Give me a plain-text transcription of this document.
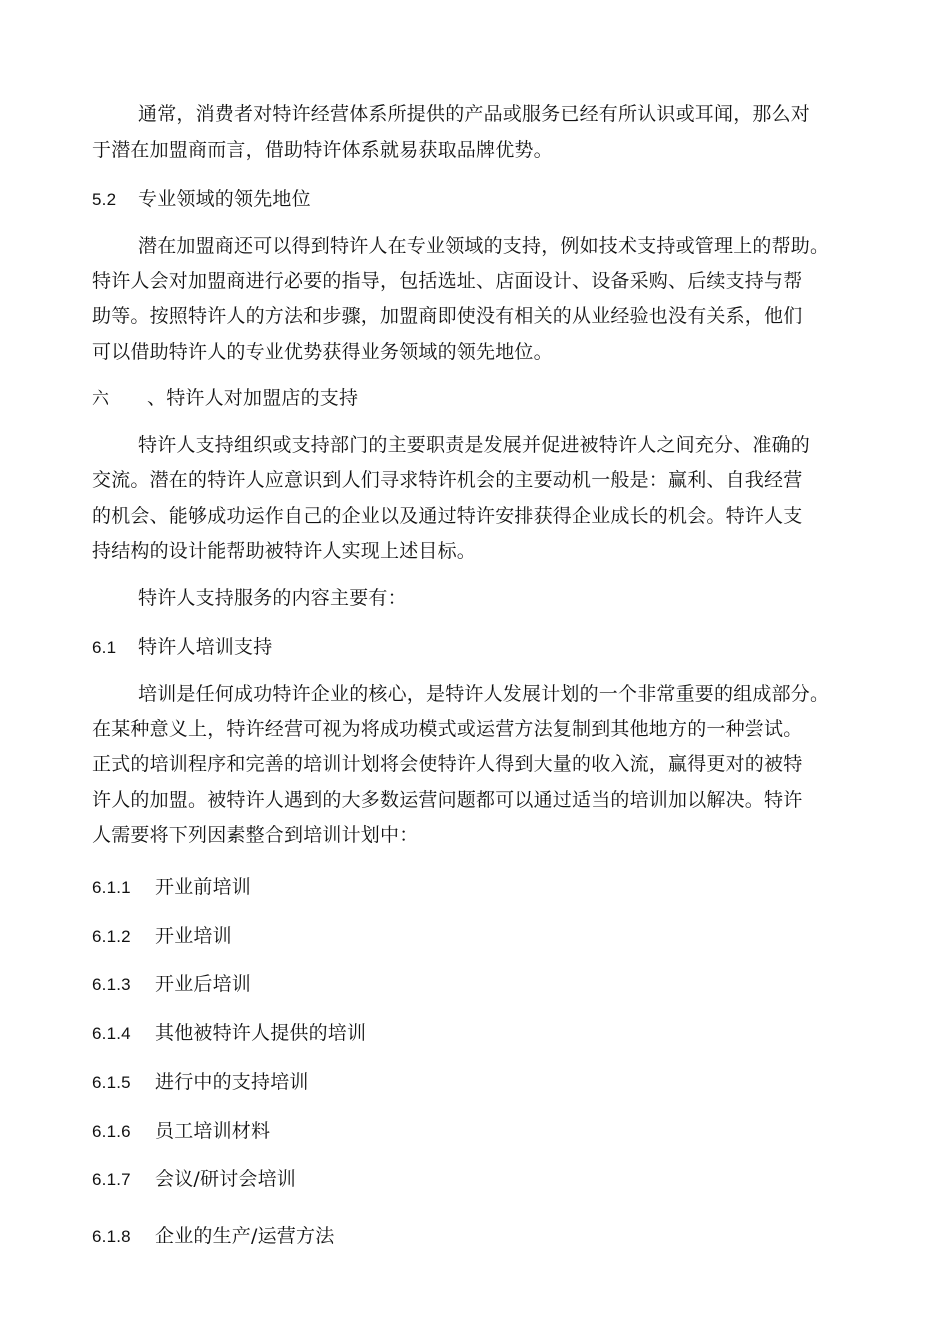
通常，消费者对特许经营体系所提供的产品或服务已经有所认识或耳闻，那么对
于潜在加盟商而言，借助特许体系就易获取品牌优势。
5.2 专业领域的领先地位
潜在加盟商还可以得到特许人在专业领域的支持，例如技术支持或管理上的帮助。
特许人会对加盟商进行必要的指导，包括选址、店面设计、设备采购、后续支持与帮
助等。按照特许人的方法和步骤，加盟商即使没有相关的从业经验也没有关系，他们
可以借助特许人的专业优势获得业务领域的领先地位。
六 、特许人对加盟店的支持
特许人支持组织或支持部门的主要职责是发展并促进被特许人之间充分、准确的
交流。潜在的特许人应意识到人们寻求特许机会的主要动机一般是：赢利、自我经营
的机会、能够成功运作自己的企业以及通过特许安排获得企业成长的机会。特许人支
持结构的设计能帮助被特许人实现上述目标。
特许人支持服务的内容主要有：
6.1 特许人培训支持
培训是任何成功特许企业的核心，是特许人发展计划的一个非常重要的组成部分。
在某种意义上，特许经营可视为将成功模式或运营方法复制到其他地方的一种尝试。
正式的培训程序和完善的培训计划将会使特许人得到大量的收入流，赢得更对的被特
许人的加盟。被特许人遇到的大多数运营问题都可以通过适当的培训加以解决。特许
人需要将下列因素整合到培训计划中：
6.1.1 开业前培训
6.1.2 开业培训
6.1.3 开业后培训
6.1.4 其他被特许人提供的培训
6.1.5 进行中的支持培训
6.1.6 员工培训材料
6.1.7 会议/研讨会培训
6.1.8 企业的生产/运营方法
